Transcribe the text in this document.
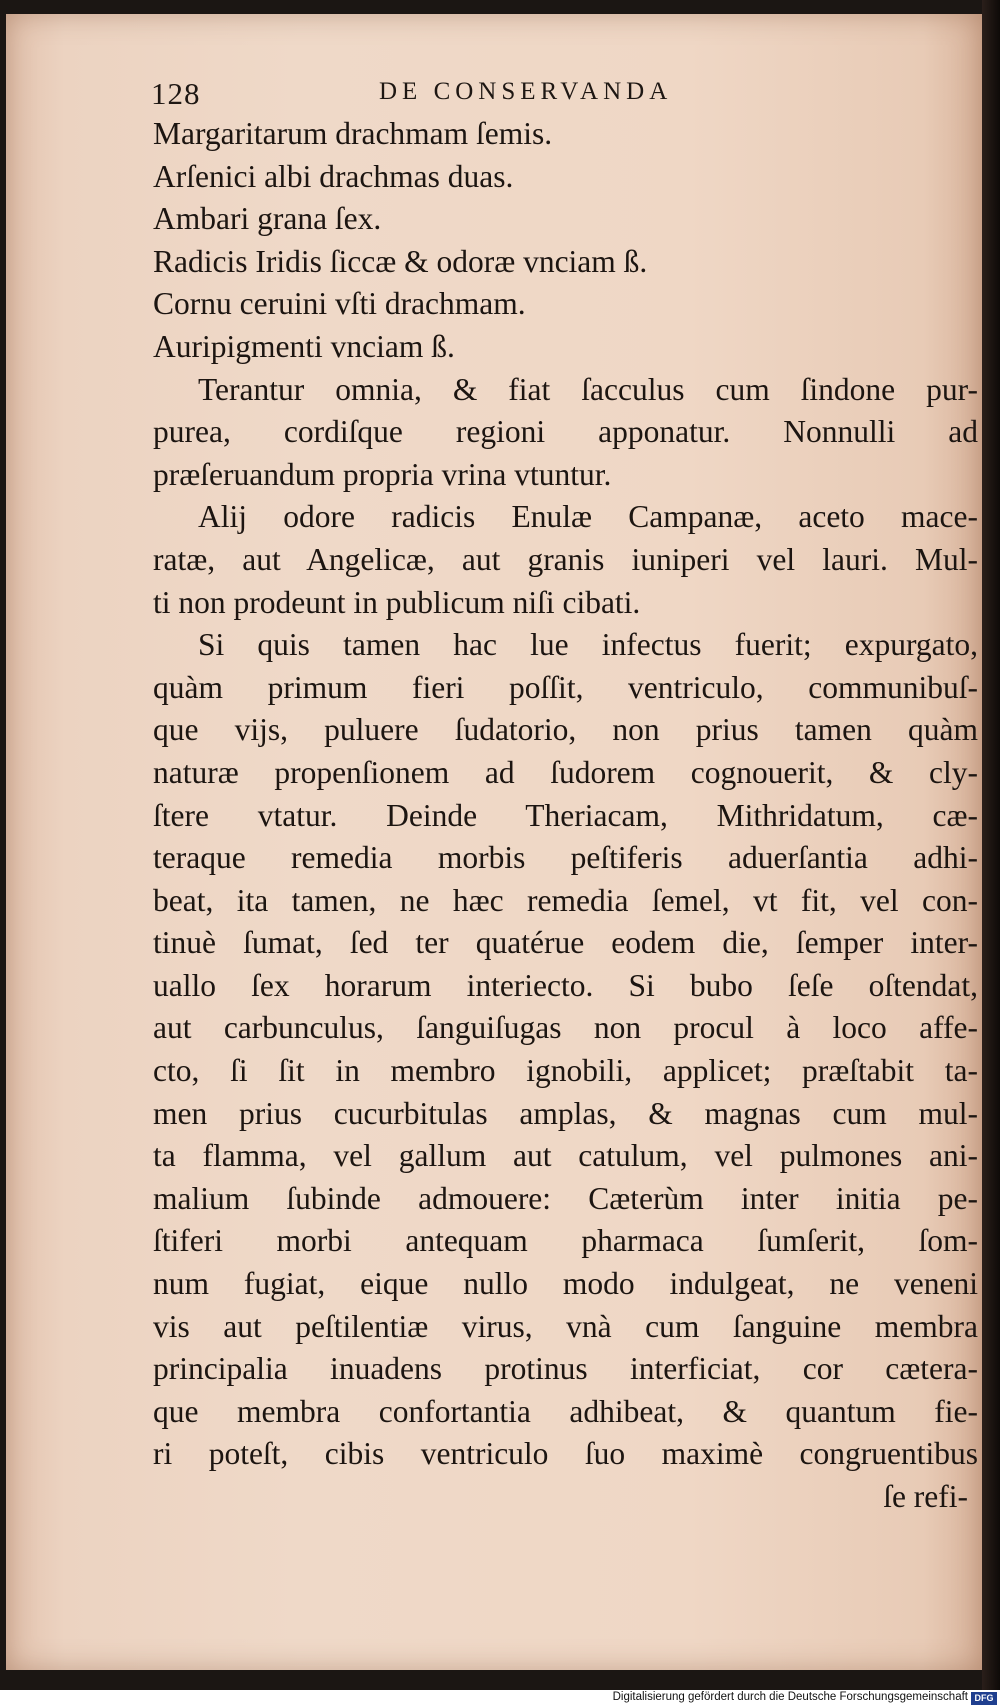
128	DE CONSERVANDA
Margaritarum drachmam ſemis.
Arſenici albi drachmas duas.
Ambari grana ſex.
Radicis Iridis ſiccæ & odoræ vnciam ß.
Cornu ceruini vſti drachmam.
Auripigmenti vnciam ß.
Terantur omnia, & fiat ſacculus cum ſindone pur-
purea, cordiſque regioni apponatur. Nonnulli ad
præſeruandum propria vrina vtuntur.
Alij odore radicis Enulæ Campanæ, aceto mace-
ratæ, aut Angelicæ, aut granis iuniperi vel lauri. Mul-
ti non prodeunt in publicum niſi cibati.
Si quis tamen hac lue infectus fuerit; expurgato,
quàm primum fieri poſſit, ventriculo, communibuſ-
que vijs, puluere ſudatorio, non prius tamen quàm
naturæ propenſionem ad ſudorem cognouerit, & cly-
ſtere vtatur. Deinde Theriacam, Mithridatum, cæ-
teraque remedia morbis peſtiferis aduerſantia adhi-
beat, ita tamen, ne hæc remedia ſemel, vt fit, vel con-
tinuè ſumat, ſed ter quatérue eodem die, ſemper inter-
uallo ſex horarum interiecto. Si bubo ſeſe oſtendat,
aut carbunculus, ſanguiſugas non procul à loco affe-
cto, ſi ſit in membro ignobili, applicet; præſtabit ta-
men prius cucurbitulas amplas, & magnas cum mul-
ta flamma, vel gallum aut catulum, vel pulmones ani-
malium ſubinde admouere: Cæterùm inter initia pe-
ſtiferi morbi antequam pharmaca ſumſerit, ſom-
num fugiat, eique nullo modo indulgeat, ne veneni
vis aut peſtilentiæ virus, vnà cum ſanguine membra
principalia inuadens protinus interficiat, cor cætera-
que membra confortantia adhibeat, & quantum fie-
ri poteſt, cibis ventriculo ſuo maximè congruentibus
ſe refi-
Digitalisierung gefördert durch die Deutsche Forschungsgemeinschaft DFG
